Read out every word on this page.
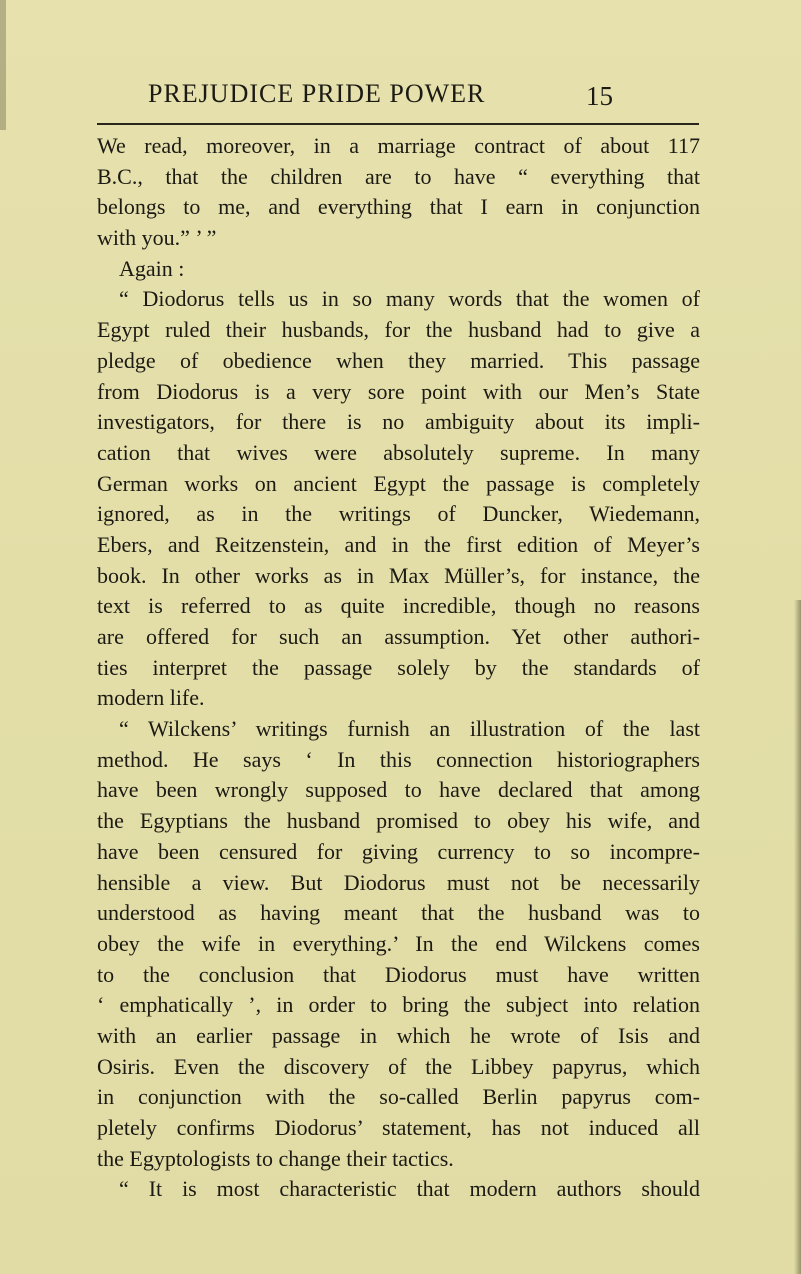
PREJUDICE PRIDE POWER	15
We read, moreover, in a marriage contract of about 117
B.C., that the children are to have “ everything that
belongs to me, and everything that I earn in conjunction
with you.” ’ ”
Again :
“ Diodorus tells us in so many words that the women of
Egypt ruled their husbands, for the husband had to give a
pledge of obedience when they married. This passage
from Diodorus is a very sore point with our Men’s State
investigators, for there is no ambiguity about its impli-
cation that wives were absolutely supreme. In many
German works on ancient Egypt the passage is completely
ignored, as in the writings of Duncker, Wiedemann,
Ebers, and Reitzenstein, and in the first edition of Meyer’s
book. In other works as in Max Müller’s, for instance, the
text is referred to as quite incredible, though no reasons
are offered for such an assumption. Yet other authori-
ties interpret the passage solely by the standards of
modern life.
“ Wilckens’ writings furnish an illustration of the last
method. He says ‘ In this connection historiographers
have been wrongly supposed to have declared that among
the Egyptians the husband promised to obey his wife, and
have been censured for giving currency to so incompre-
hensible a view. But Diodorus must not be necessarily
understood as having meant that the husband was to
obey the wife in everything.’ In the end Wilckens comes
to the conclusion that Diodorus must have written
‘ emphatically ’, in order to bring the subject into relation
with an earlier passage in which he wrote of Isis and
Osiris. Even the discovery of the Libbey papyrus, which
in conjunction with the so-called Berlin papyrus com-
pletely confirms Diodorus’ statement, has not induced all
the Egyptologists to change their tactics.
“ It is most characteristic that modern authors should
